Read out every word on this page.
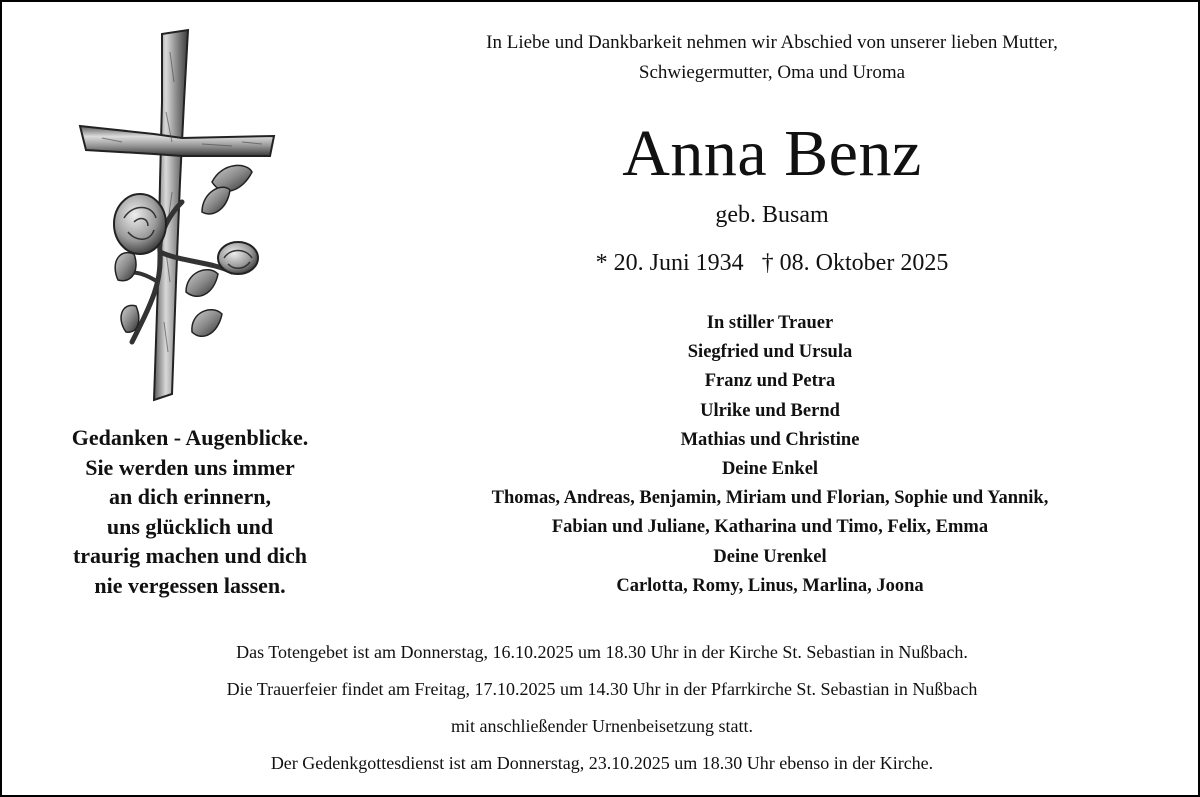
In Liebe und Dankbarkeit nehmen wir Abschied von unserer lieben Mutter,
Schwiegermutter, Oma und Uroma
Anna Benz
geb. Busam
* 20. Juni 1934 † 08. Oktober 2025
In stiller Trauer
Siegfried und Ursula
Franz und Petra
Ulrike und Bernd
Mathias und Christine
Deine Enkel
Thomas, Andreas, Benjamin, Miriam und Florian, Sophie und Yannik,
Fabian und Juliane, Katharina und Timo, Felix, Emma
Deine Urenkel
Carlotta, Romy, Linus, Marlina, Joona
Gedanken - Augenblicke.
Sie werden uns immer
an dich erinnern,
uns glücklich und
traurig machen und dich
nie vergessen lassen.
Das Totengebet ist am Donnerstag, 16.10.2025 um 18.30 Uhr in der Kirche St. Sebastian in Nußbach.
Die Trauerfeier findet am Freitag, 17.10.2025 um 14.30 Uhr in der Pfarrkirche St. Sebastian in Nußbach
mit anschließender Urnenbeisetzung statt.
Der Gedenkgottesdienst ist am Donnerstag, 23.10.2025 um 18.30 Uhr ebenso in der Kirche.
